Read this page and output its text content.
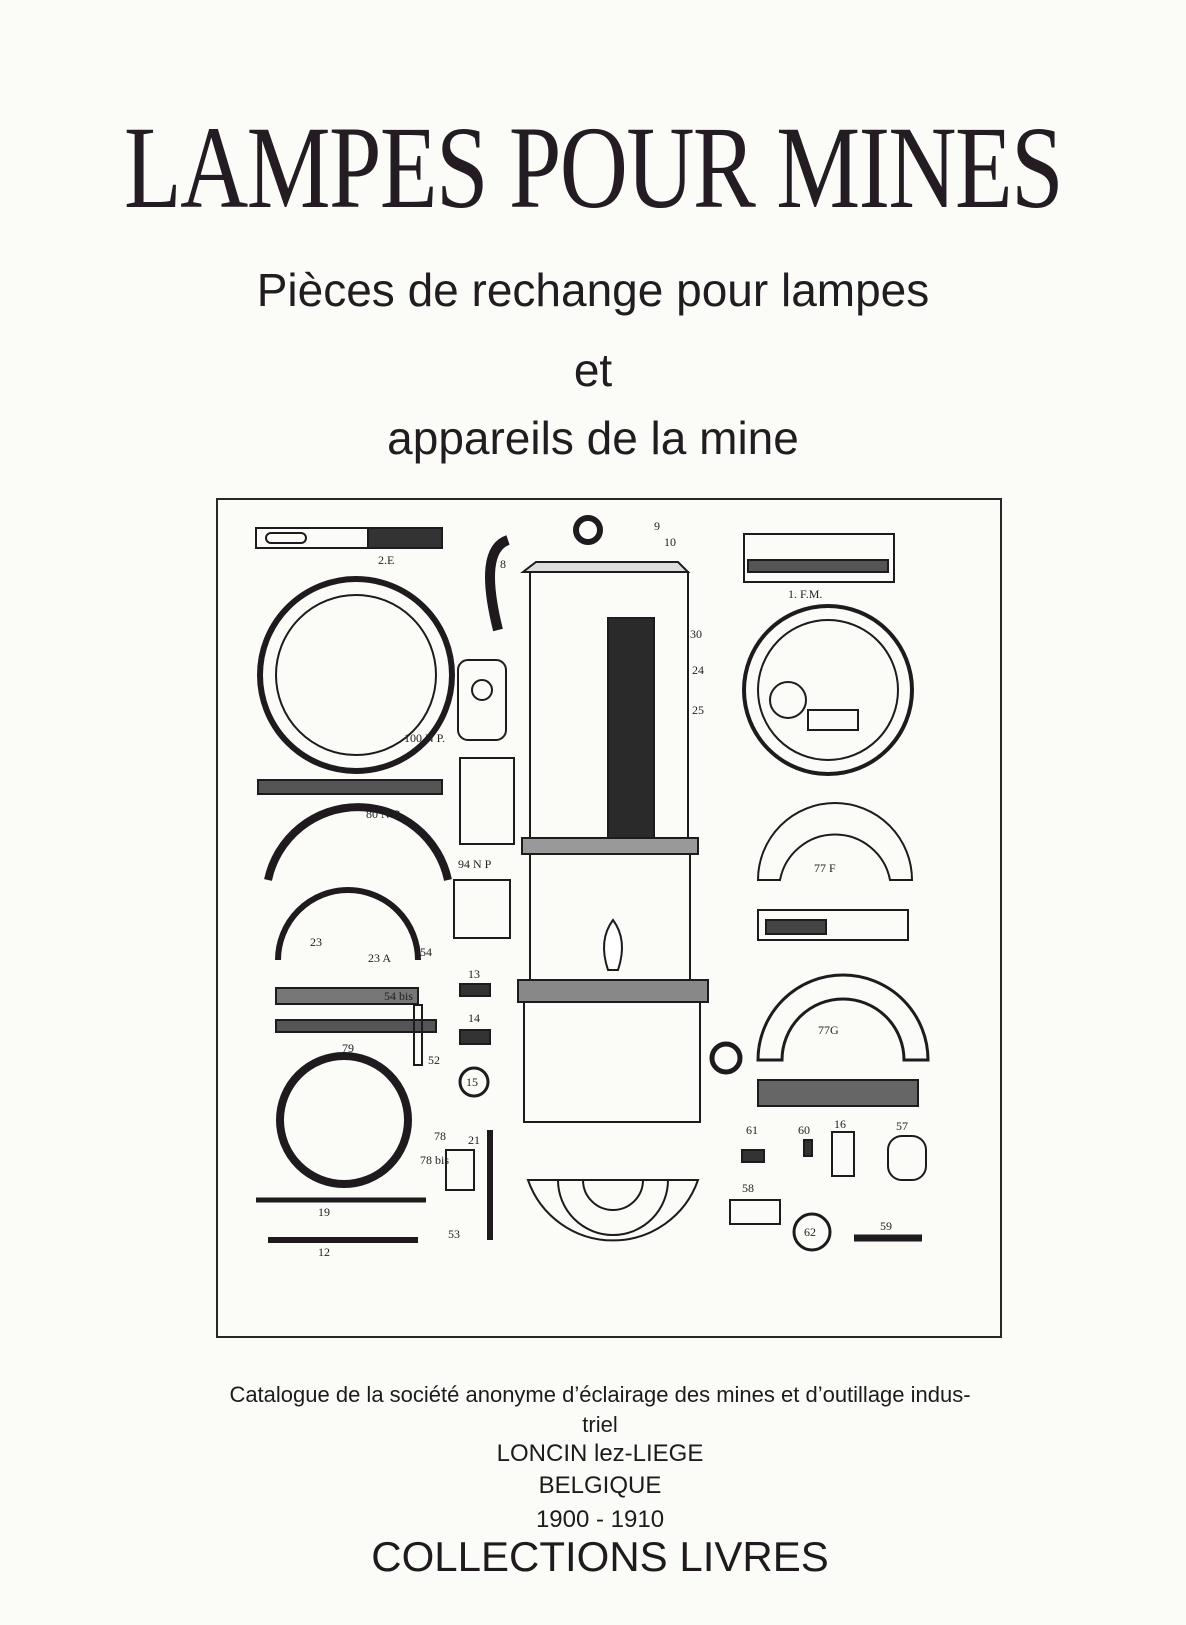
LAMPES POUR MINES
Pièces de rechange pour lampes
et
appareils de la mine
2.E
1. F.M.
9
10
8
30
24
25
100 N P.
80 N B
94 N P	77 F
23
23 A 54
54 bis
13
14
15
52
79
77G
78 21
78 bis
19
12
53
61	60 16	57
58
62	59
Catalogue de la société anonyme d’éclairage des mines et d’outillage indus-
triel
LONCIN lez-LIEGE
BELGIQUE
1900 - 1910
COLLECTIONS LIVRES
